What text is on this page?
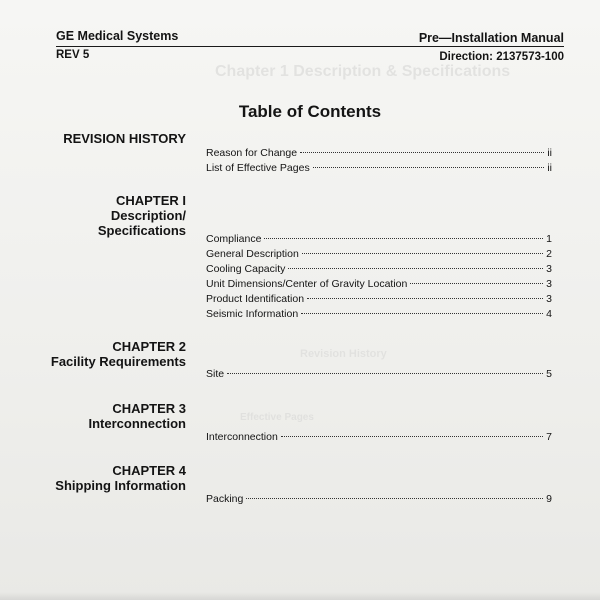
Chapter 1 Description & Specifications
Revision History
Effective Pages
GE Medical Systems
REV 5
Pre—Installation Manual
Direction: 2137573-100
Table of Contents
REVISION HISTORY
Reason for Change	ii
List of Effective Pages	ii
CHAPTER I
Description/
Specifications
Compliance	1
General Description	2
Cooling Capacity	3
Unit Dimensions/Center of Gravity Location	3
Product Identification	3
Seismic Information	4
CHAPTER 2
Facility Requirements
Site	5
CHAPTER 3
Interconnection
Interconnection	7
CHAPTER 4
Shipping Information
Packing	9
